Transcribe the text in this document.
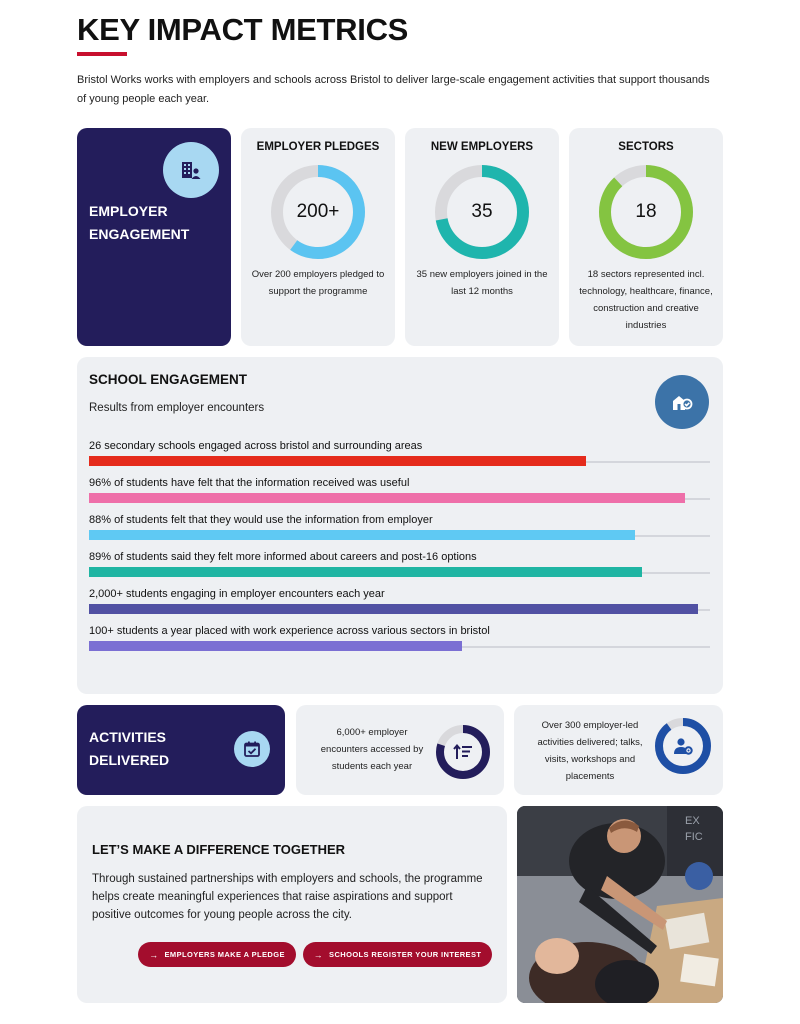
KEY IMPACT METRICS
Bristol Works works with employers and schools across Bristol to deliver large-scale engagement activities that support thousands of young people each year.
EMPLOYER
ENGAGEMENT
EMPLOYER PLEDGES
200+
Over 200 employers pledged to support the programme
NEW EMPLOYERS
35
35 new employers joined in the last 12 months
SECTORS
18
18 sectors represented incl. technology, healthcare, finance, construction and creative industries
SCHOOL ENGAGEMENT
Results from employer encounters
26 secondary schools engaged across bristol and surrounding areas
96% of students have felt that the information received was useful
88% of students felt that they would use the information from employer
89% of students said they felt more informed about careers and post-16 options
2,000+ students engaging in employer encounters each year
100+ students a year placed with work experience across various sectors in bristol
ACTIVITIES
DELIVERED
6,000+ employer encounters accessed by students each year
Over 300 employer-led activities delivered; talks, visits, workshops and placements
LET’S MAKE A DIFFERENCE TOGETHER
Through sustained partnerships with employers and schools, the programme helps create meaningful experiences that raise aspirations and support positive outcomes for young people across the city.
→ EMPLOYERS MAKE A PLEDGE	→ SCHOOLS REGISTER YOUR INTEREST
EX
FIC
